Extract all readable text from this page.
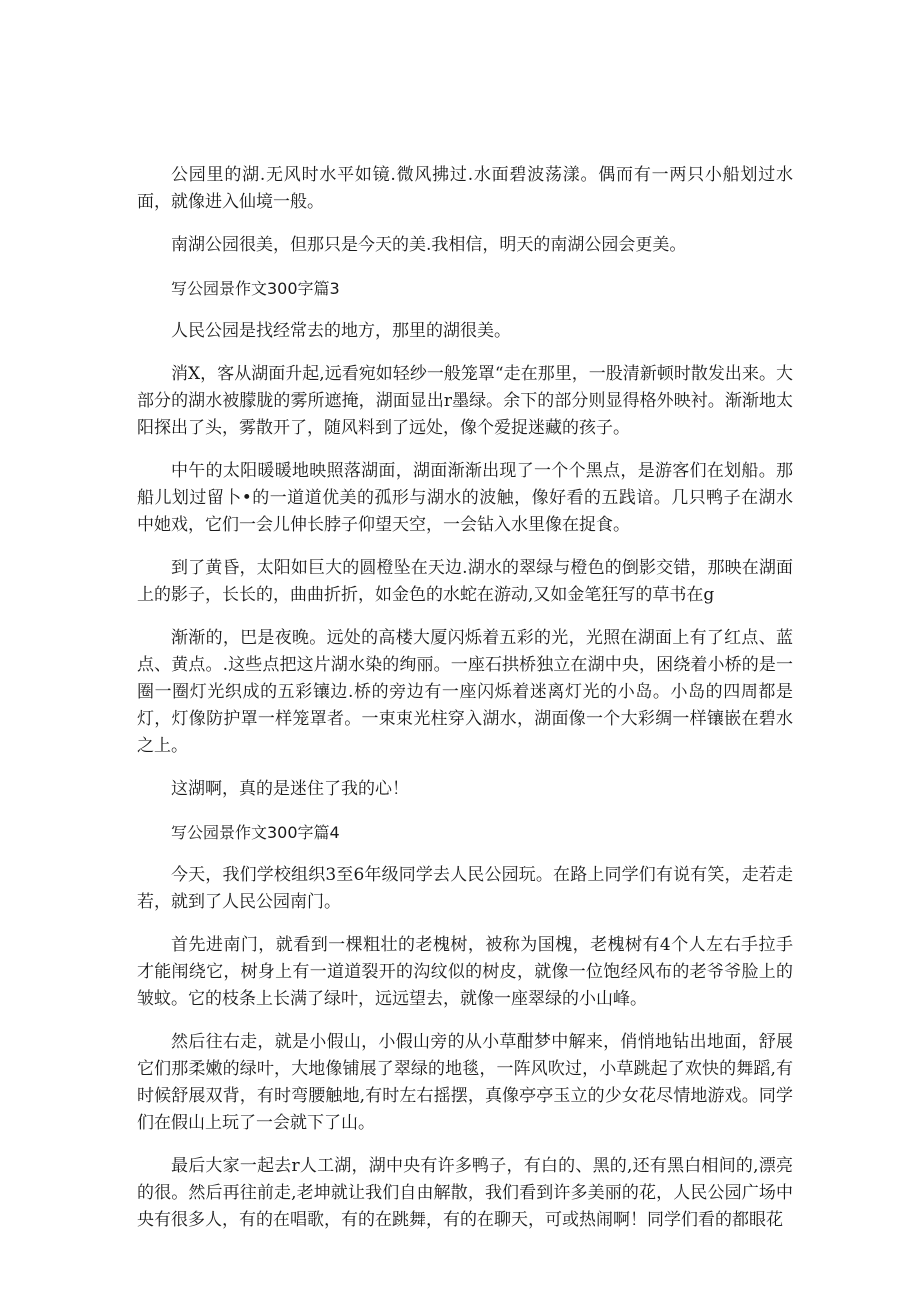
公园里的湖.无风时水平如镜.微风拂过.水面碧波荡漾。偶而有一两只小船划过水面，就像进入仙境一般。

南湖公园很美，但那只是今天的美.我相信，明天的南湖公园会更美。

写公园景作文300字篇3

人民公园是找经常去的地方，那里的湖很美。

消X，客从湖面升起,远看宛如轻纱一般笼罩“走在那里，一股清新顿时散发出来。大部分的湖水被朦胧的雾所遮掩，湖面显出r墨绿。余下的部分则显得格外映衬。渐渐地太阳探出了头，雾散开了，随风料到了远处，像个爱捉迷藏的孩子。

中午的太阳暖暖地映照落湖面，湖面渐渐出现了一个个黑点，是游客们在划船。那船儿划过留卜•的一道道优美的孤形与湖水的波触，像好看的五践谙。几只鸭子在湖水中她戏，它们一会儿伸长脖子仰望天空，一会钻入水里像在捉食。

到了黄昏，太阳如巨大的圆橙坠在天边.湖水的翠绿与橙色的倒影交错，那映在湖面上的影子，长长的，曲曲折折，如金色的水蛇在游动,又如金笔狂写的草书在g

渐渐的，巴是夜晚。远处的高楼大厦闪烁着五彩的光，光照在湖面上有了红点、蓝点、黄点。.这些点把这片湖水染的绚丽。一座石拱桥独立在湖中央，困绕着小桥的是一圈一圈灯光织成的五彩镶边.桥的旁边有一座闪烁着迷离灯光的小岛。小岛的四周都是灯，灯像防护罩一样笼罩者。一束束光柱穿入湖水，湖面像一个大彩绸一样镶嵌在碧水之上。

这湖啊，真的是迷住了我的心！

写公园景作文300字篇4

今天，我们学校组织3至6年级同学去人民公园玩。在路上同学们有说有笑，走若走若，就到了人民公园南门。

首先进南门，就看到一棵粗壮的老槐树，被称为国槐，老槐树有4个人左右手拉手才能闱绕它，树身上有一道道裂开的沟纹似的树皮，就像一位饱经风布的老爷爷脸上的皱蚊。它的枝条上长满了绿叶，远远望去，就像一座翠绿的小山峰。

然后往右走，就是小假山，小假山旁的从小草酣梦中解来，俏悄地钻出地面，舒展它们那柔嫩的绿叶，大地像铺展了翠绿的地毯，一阵风吹过，小草跳起了欢快的舞蹈,有时候舒展双背，有时弯腰触地,有时左右摇摆，真像亭亭玉立的少女花尽情地游戏。同学们在假山上玩了一会就下了山。

最后大家一起去r人工湖，湖中央有许多鸭子，有白的、黑的,还有黑白相间的,漂亮的很。然后再往前走,老坤就让我们自由解散，我们看到许多美丽的花，人民公园广场中央有很多人，有的在唱歌，有的在跳舞，有的在聊天，可或热闹啊！同学们看的都眼花
